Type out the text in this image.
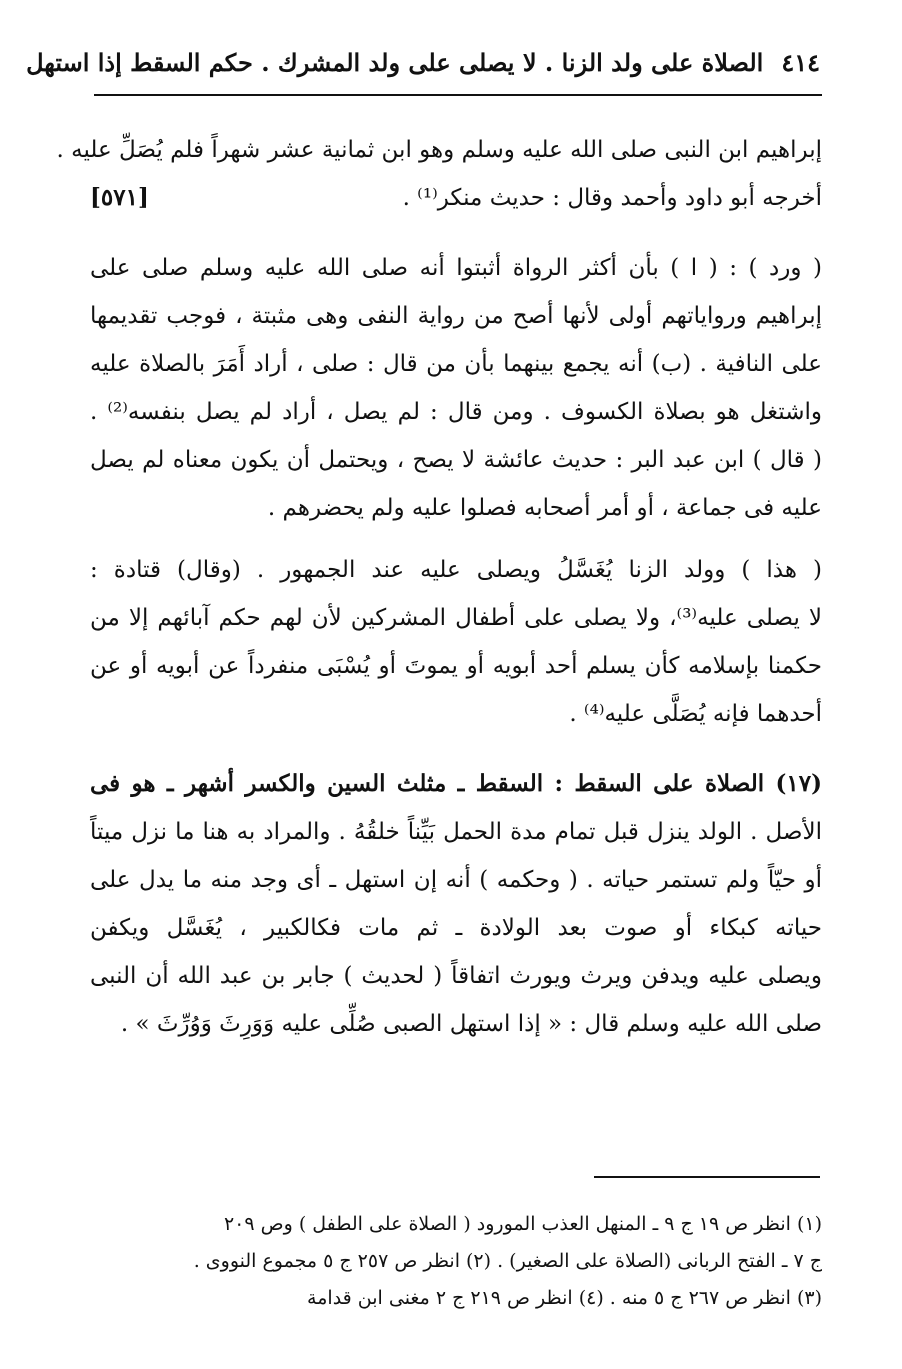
٤١٤
الصلاة على ولد الزنا . لا يصلى على ولد المشرك . حكم السقط إذا استهل
إبراهيم ابن النبى صلى الله عليه وسلم وهو ابن ثمانية عشر شهراً فلم يُصَلِّ عليه .
أخرجه أبو داود وأحمد وقال : حديث منكر⁽¹⁾ .
[٥٧١]
( ورد ) : ( ا ) بأن أكثر الرواة أثبتوا أنه صلى الله عليه وسلم صلى على
إبراهيم ورواياتهم أولى لأنها أصح من رواية النفى وهى مثبتة ، فوجب تقديمها
على النافية . (ب) أنه يجمع بينهما بأن من قال : صلى ، أراد أَمَرَ بالصلاة عليه
واشتغل هو بصلاة الكسوف . ومن قال : لم يصل ، أراد لم يصل بنفسه⁽²⁾ .
( قال ) ابن عبد البر : حديث عائشة لا يصح ، ويحتمل أن يكون معناه لم يصل
عليه فى جماعة ، أو أمر أصحابه فصلوا عليه ولم يحضرهم .
( هذا ) وولد الزنا يُغَسَّلُ ويصلى عليه عند الجمهور . (وقال) قتادة :
لا يصلى عليه⁽³⁾، ولا يصلى على أطفال المشركين لأن لهم حكم آبائهم إلا من
حكمنا بإسلامه كأن يسلم أحد أبويه أو يموتَ أو يُسْبَى منفرداً عن أبويه أو عن
أحدهما فإنه يُصَلَّى عليه⁽⁴⁾ .
(١٧) الصلاة على السقط : السقط ـ مثلث السين والكسر أشهر ـ هو فى
الأصل . الولد ينزل قبل تمام مدة الحمل بَيِّناً خلقُهُ . والمراد به هنا ما نزل ميتاً
أو حيّاً ولم تستمر حياته . ( وحكمه ) أنه إن استهل ـ أى وجد منه ما يدل على
حياته كبكاء أو صوت بعد الولادة ـ ثم مات فكالكبير ، يُغَسَّل ويكفن
ويصلى عليه ويدفن ويرث ويورث اتفاقاً ( لحديث ) جابر بن عبد الله أن النبى
صلى الله عليه وسلم قال : « إذا استهل الصبى صُلِّى عليه وَوَرِثَ وَوُرِّثَ » .
(١) انظر ص ١٩ ج ٩ ـ المنهل العذب المورود ( الصلاة على الطفل ) وص ٢٠٩
ج ٧ ـ الفتح الربانى (الصلاة على الصغير) . (٢) انظر ص ٢٥٧ ج ٥ مجموع النووى .
(٣) انظر ص ٢٦٧ ج ٥ منه . (٤) انظر ص ٢١٩ ج ٢ مغنى ابن قدامة
